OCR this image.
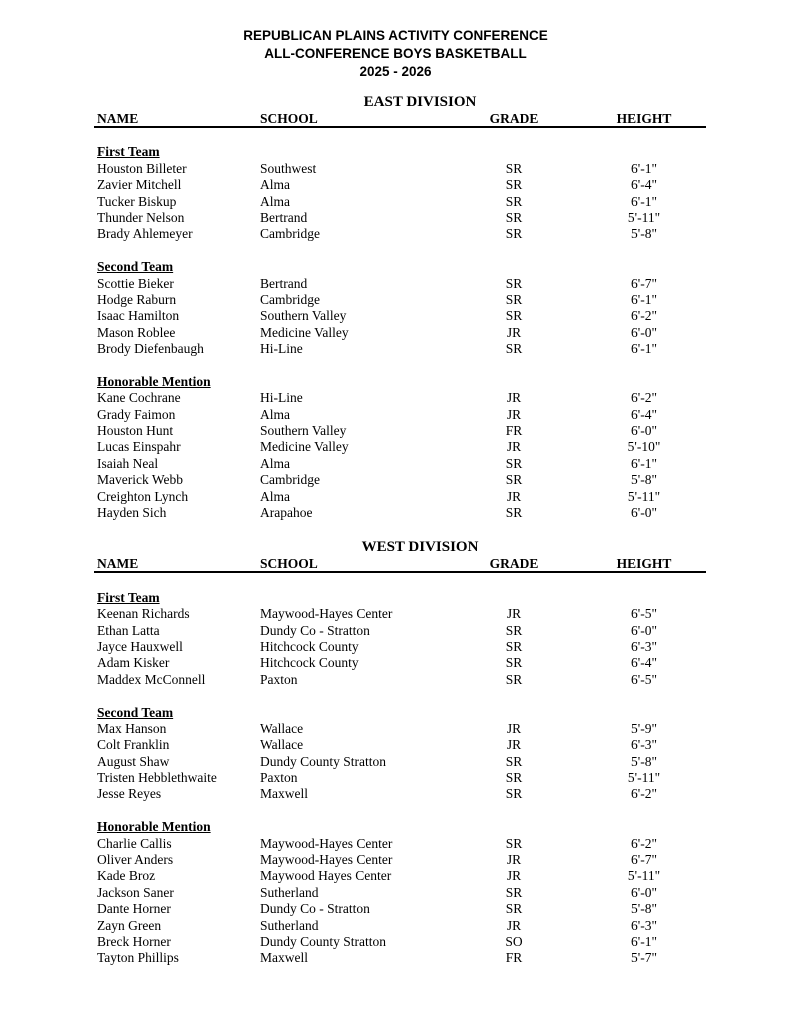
REPUBLICAN PLAINS ACTIVITY CONFERENCE
ALL-CONFERENCE BOYS BASKETBALL
2025 - 2026
EAST DIVISION
NAME	SCHOOL	GRADE	HEIGHT
First Team
Houston Billeter	Southwest	SR	6'-1"
Zavier Mitchell	Alma	SR	6'-4"
Tucker Biskup	Alma	SR	6'-1"
Thunder Nelson	Bertrand	SR	5'-11"
Brady Ahlemeyer	Cambridge	SR	5'-8"
Second Team
Scottie Bieker	Bertrand	SR	6'-7"
Hodge Raburn	Cambridge	SR	6'-1"
Isaac Hamilton	Southern Valley	SR	6'-2"
Mason Roblee	Medicine Valley	JR	6'-0"
Brody Diefenbaugh	Hi-Line	SR	6'-1"
Honorable Mention
Kane Cochrane	Hi-Line	JR	6'-2"
Grady Faimon	Alma	JR	6'-4"
Houston Hunt	Southern Valley	FR	6'-0"
Lucas Einspahr	Medicine Valley	JR	5'-10"
Isaiah Neal	Alma	SR	6'-1"
Maverick Webb	Cambridge	SR	5'-8"
Creighton Lynch	Alma	JR	5'-11"
Hayden Sich	Arapahoe	SR	6'-0"
WEST DIVISION
NAME	SCHOOL	GRADE	HEIGHT
First Team
Keenan Richards	Maywood-Hayes Center	JR	6'-5"
Ethan Latta	Dundy Co - Stratton	SR	6'-0"
Jayce Hauxwell	Hitchcock County	SR	6'-3"
Adam Kisker	Hitchcock County	SR	6'-4"
Maddex McConnell	Paxton	SR	6'-5"
Second Team
Max Hanson	Wallace	JR	5'-9"
Colt Franklin	Wallace	JR	6'-3"
August Shaw	Dundy County Stratton	SR	5'-8"
Tristen Hebblethwaite	Paxton	SR	5'-11"
Jesse Reyes	Maxwell	SR	6'-2"
Honorable Mention
Charlie Callis	Maywood-Hayes Center	SR	6'-2"
Oliver Anders	Maywood-Hayes Center	JR	6'-7"
Kade Broz	Maywood Hayes Center	JR	5'-11"
Jackson Saner	Sutherland	SR	6'-0"
Dante Horner	Dundy Co - Stratton	SR	5'-8"
Zayn Green	Sutherland	JR	6'-3"
Breck Horner	Dundy County Stratton	SO	6'-1"
Tayton Phillips	Maxwell	FR	5'-7"
